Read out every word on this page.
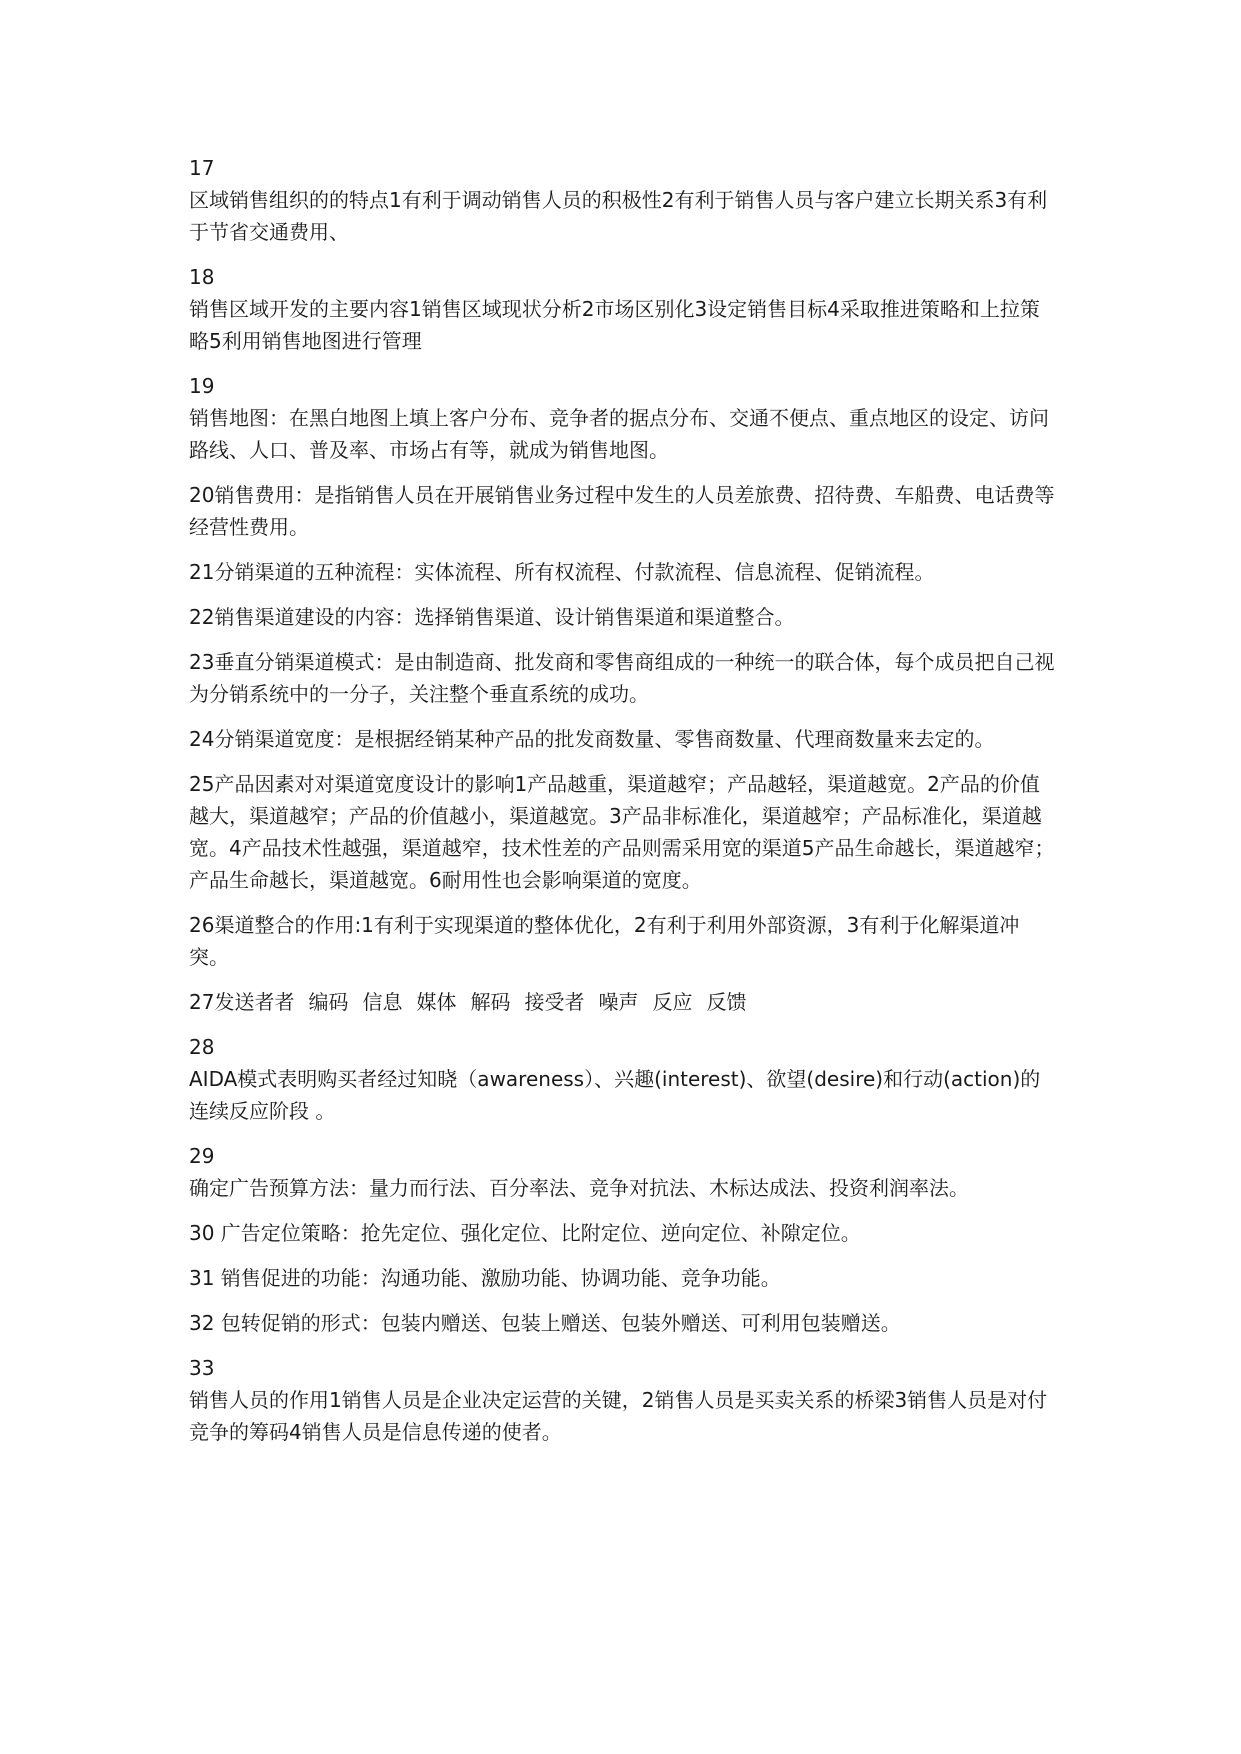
17
区域销售组织的的特点1有利于调动销售人员的积极性2有利于销售人员与客户建立长期关系3有利于节省交通费用、

18
销售区域开发的主要内容1销售区域现状分析2市场区别化3设定销售目标4采取推进策略和上拉策略5利用销售地图进行管理

19
销售地图：在黑白地图上填上客户分布、竞争者的据点分布、交通不便点、重点地区的设定、访问路线、人口、普及率、市场占有等，就成为销售地图。

20销售费用：是指销售人员在开展销售业务过程中发生的人员差旅费、招待费、车船费、电话费等经营性费用。

21分销渠道的五种流程：实体流程、所有权流程、付款流程、信息流程、促销流程。

22销售渠道建设的内容：选择销售渠道、设计销售渠道和渠道整合。

23垂直分销渠道模式：是由制造商、批发商和零售商组成的一种统一的联合体，每个成员把自己视为分销系统中的一分子，关注整个垂直系统的成功。

24分销渠道宽度：是根据经销某种产品的批发商数量、零售商数量、代理商数量来去定的。

25产品因素对对渠道宽度设计的影响1产品越重，渠道越窄；产品越轻，渠道越宽。2产品的价值越大，渠道越窄；产品的价值越小，渠道越宽。3产品非标准化，渠道越窄；产品标准化，渠道越宽。4产品技术性越强，渠道越窄，技术性差的产品则需采用宽的渠道5产品生命越长，渠道越窄；产品生命越长，渠道越宽。6耐用性也会影响渠道的宽度。

26渠道整合的作用:1有利于实现渠道的整体优化，2有利于利用外部资源，3有利于化解渠道冲突。

27发送者者 编码 信息 媒体 解码 接受者 噪声 反应 反馈

28
AIDA模式表明购买者经过知晓（awareness）、兴趣(interest)、欲望(desire)和行动(action)的连续反应阶段 。

29
确定广告预算方法：量力而行法、百分率法、竞争对抗法、木标达成法、投资利润率法。

30 广告定位策略：抢先定位、强化定位、比附定位、逆向定位、补隙定位。

31 销售促进的功能：沟通功能、激励功能、协调功能、竞争功能。

32 包转促销的形式：包装内赠送、包装上赠送、包装外赠送、可利用包装赠送。

33
销售人员的作用1销售人员是企业决定运营的关键，2销售人员是买卖关系的桥梁3销售人员是对付竞争的筹码4销售人员是信息传递的使者。
